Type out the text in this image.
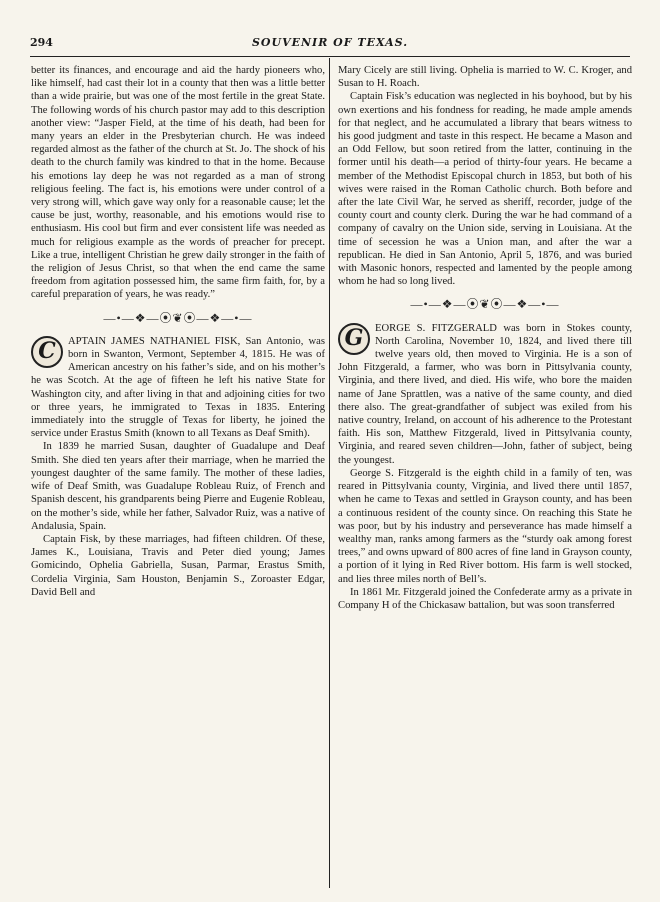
294	SOUVENIR OF TEXAS.

better its finances, and encourage and aid the hardy pioneers who, like himself, had cast their lot in a county that then was a little better than a wide prairie, but was one of the most fertile in the great State. The following words of his church pastor may add to this description another view: “Jasper Field, at the time of his death, had been for many years an elder in the Presbyterian church. He was indeed regarded almost as the father of the church at St. Jo. The shock of his death to the church family was kindred to that in the home. Because his emotions lay deep he was not regarded as a man of strong religious feeling. The fact is, his emotions were under control of a very strong will, which gave way only for a reasonable cause; let the cause be just, worthy, reasonable, and his emotions would rise to enthusiasm. His cool but firm and ever consistent life was needed as much for religious example as the words of preacher for precept. Like a true, intelligent Christian he grew daily stronger in the faith of the religion of Jesus Christ, so that when the end came the same freedom from agitation possessed him, the same firm faith, for, by a careful preparation of years, he was ready.”

—•—❖—⦿❦⦿—❖—•—
C	APTAIN JAMES NATHANIEL FISK, San Antonio, was born in Swanton, Vermont, September 4, 1815. He was of American ancestry on his father’s side, and on his mother’s he was Scotch. At the age of fifteen he left his native State for Washington city, and after living in that and adjoining cities for two or three years, he immigrated to Texas in 1835. Entering immediately into the struggle of Texas for liberty, he joined the service under Erastus Smith (known to all Texans as Deaf Smith).

In 1839 he married Susan, daughter of Guadalupe and Deaf Smith. She died ten years after their marriage, when he married the youngest daughter of the same family. The mother of these ladies, wife of Deaf Smith, was Guadalupe Robleau Ruiz, of French and Spanish descent, his grandparents being Pierre and Eugenie Robleau, on the mother’s side, while her father, Salvador Ruiz, was a native of Andalusia, Spain.

Captain Fisk, by these marriages, had fifteen children. Of these, James K., Louisiana, Travis and Peter died young; James Gomicindo, Ophelia Gabriella, Susan, Parmar, Erastus Smith, Cordelia Virginia, Sam Houston, Benjamin S., Zoroaster Edgar, David Bell and

Mary Cicely are still living. Ophelia is married to W. C. Kroger, and Susan to H. Roach.

Captain Fisk’s education was neglected in his boyhood, but by his own exertions and his fondness for reading, he made ample amends for that neglect, and he accumulated a library that bears witness to his good judgment and taste in this respect. He became a Mason and an Odd Fellow, but soon retired from the latter, continuing in the former until his death—a period of thirty-four years. He became a member of the Methodist Episcopal church in 1853, but both of his wives were raised in the Roman Catholic church. Both before and after the late Civil War, he served as sheriff, recorder, judge of the county court and county clerk. During the war he had command of a company of cavalry on the Union side, serving in Louisiana. At the time of secession he was a Union man, and after the war a republican. He died in San Antonio, April 5, 1876, and was buried with Masonic honors, respected and lamented by the people among whom he had so long lived.

—•—❖—⦿❦⦿—❖—•—
G	EORGE S. FITZGERALD was born in Stokes county, North Carolina, November 10, 1824, and lived there till twelve years old, then moved to Virginia. He is a son of John Fitzgerald, a farmer, who was born in Pittsylvania county, Virginia, and there lived, and died. His wife, who bore the maiden name of Jane Sprattlen, was a native of the same county, and died there also. The great-grandfather of subject was exiled from his native country, Ireland, on account of his adherence to the Protestant faith. His son, Matthew Fitzgerald, lived in Pittsylvania county, Virginia, and reared seven children—John, father of subject, being the youngest.

George S. Fitzgerald is the eighth child in a family of ten, was reared in Pittsylvania county, Virginia, and lived there until 1857, when he came to Texas and settled in Grayson county, and has been a continuous resident of the county since. On reaching this State he was poor, but by his industry and perseverance has made himself a wealthy man, ranks among farmers as the “sturdy oak among forest trees,” and owns upward of 800 acres of fine land in Grayson county, a portion of it lying in Red River bottom. His farm is well stocked, and lies three miles north of Bell’s.

In 1861 Mr. Fitzgerald joined the Confederate army as a private in Company H of the Chickasaw battalion, but was soon transferred
